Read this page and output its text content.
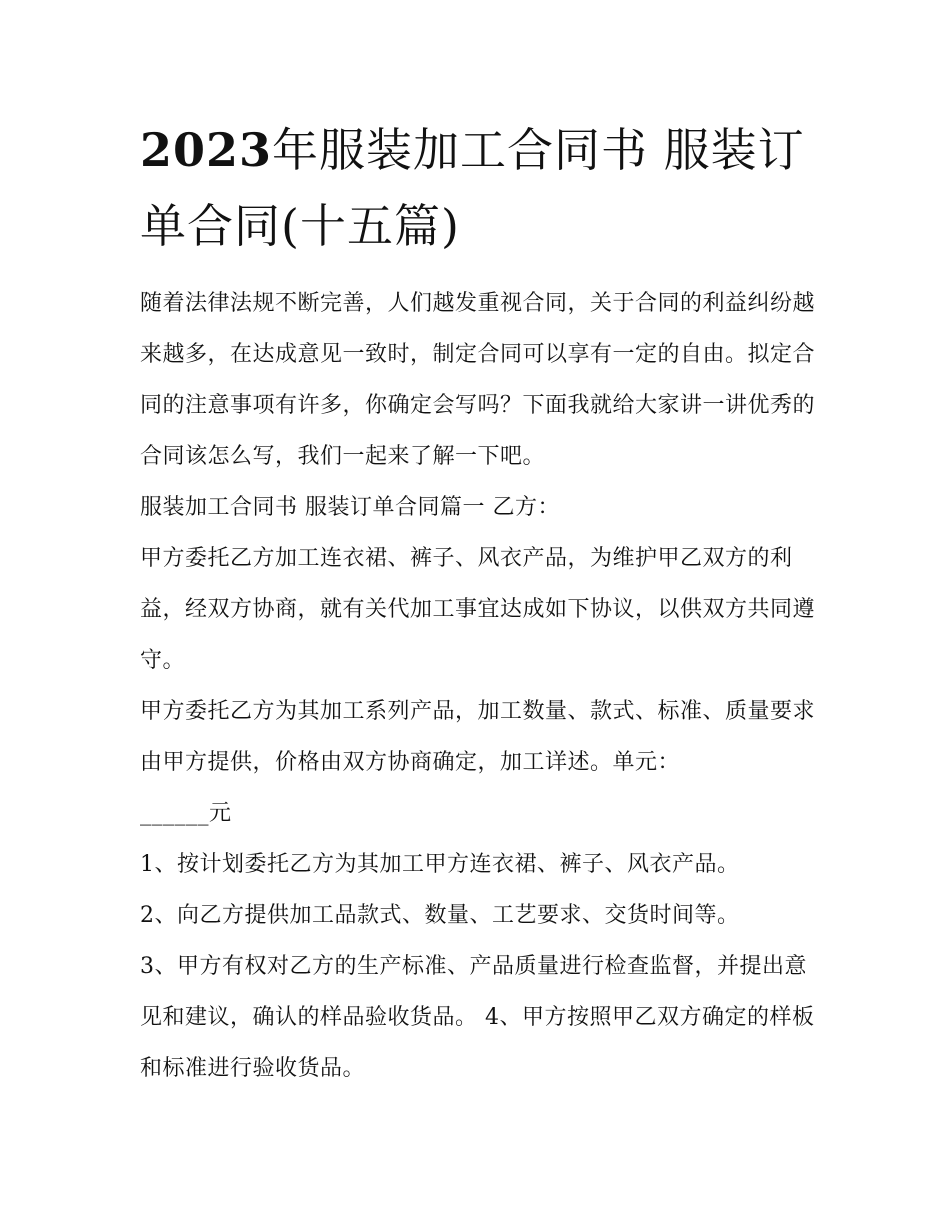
2023年服装加工合同书 服装订单合同(十五篇)

随着法律法规不断完善，人们越发重视合同，关于合同的利益纠纷越来越多，在达成意见一致时，制定合同可以享有一定的自由。拟定合同的注意事项有许多，你确定会写吗？下面我就给大家讲一讲优秀的合同该怎么写，我们一起来了解一下吧。

服装加工合同书 服装订单合同篇一 乙方：

甲方委托乙方加工连衣裙、裤子、风衣产品，为维护甲乙双方的利益，经双方协商，就有关代加工事宜达成如下协议，以供双方共同遵守。

甲方委托乙方为其加工系列产品，加工数量、款式、标准、质量要求由甲方提供，价格由双方协商确定，加工详述。单元：

______元

1、按计划委托乙方为其加工甲方连衣裙、裤子、风衣产品。

2、向乙方提供加工品款式、数量、工艺要求、交货时间等。

3、甲方有权对乙方的生产标准、产品质量进行检查监督，并提出意见和建议，确认的样品验收货品。 4、甲方按照甲乙双方确定的样板和标准进行验收货品。
